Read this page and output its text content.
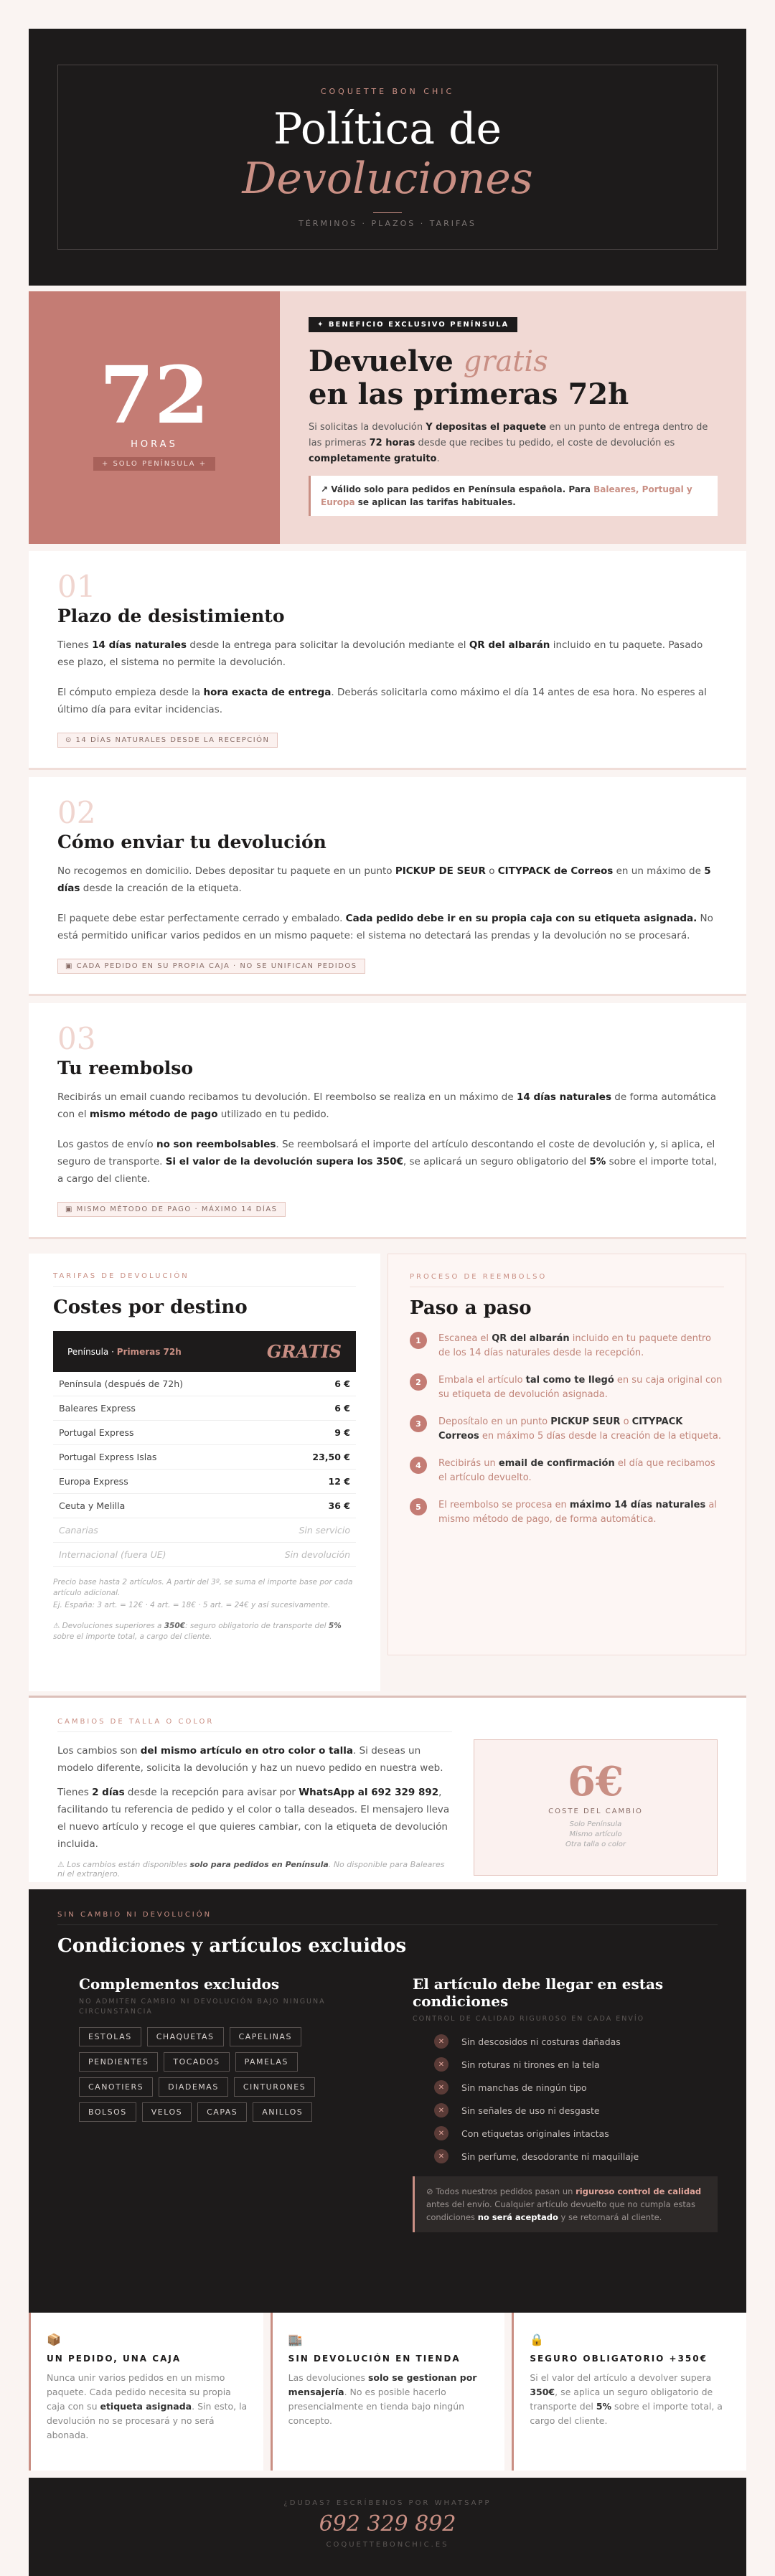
COQUETTE BON CHIC
Política de
Devoluciones
TÉRMINOS · PLAZOS · TARIFAS
72
HORAS
+ SOLO PENÍNSULA +
✦ BENEFICIO EXCLUSIVO PENÍNSULA
Devuelve gratis
en las primeras 72h

Si solicitas la devolución Y depositas el paquete en un punto de entrega dentro de las primeras 72 horas desde que recibes tu pedido, el coste de devolución es completamente gratuito.

↗ Válido solo para pedidos en Península española. Para Baleares, Portugal y Europa se aplican las tarifas habituales.
01
Plazo de desistimiento

Tienes 14 días naturales desde la entrega para solicitar la devolución mediante el QR del albarán incluido en tu paquete. Pasado ese plazo, el sistema no permite la devolución.

El cómputo empieza desde la hora exacta de entrega. Deberás solicitarla como máximo el día 14 antes de esa hora. No esperes al último día para evitar incidencias.

⊙ 14 DÍAS NATURALES DESDE LA RECEPCIÓN
02
Cómo enviar tu devolución

No recogemos en domicilio. Debes depositar tu paquete en un punto PICKUP DE SEUR o CITYPACK de Correos en un máximo de 5 días desde la creación de la etiqueta.

El paquete debe estar perfectamente cerrado y embalado. Cada pedido debe ir en su propia caja con su etiqueta asignada. No está permitido unificar varios pedidos en un mismo paquete: el sistema no detectará las prendas y la devolución no se procesará.

▣ CADA PEDIDO EN SU PROPIA CAJA · NO SE UNIFICAN PEDIDOS
03
Tu reembolso

Recibirás un email cuando recibamos tu devolución. El reembolso se realiza en un máximo de 14 días naturales de forma automática con el mismo método de pago utilizado en tu pedido.

Los gastos de envío no son reembolsables. Se reembolsará el importe del artículo descontando el coste de devolución y, si aplica, el seguro de transporte. Si el valor de la devolución supera los 350€, se aplicará un seguro obligatorio del 5% sobre el importe total, a cargo del cliente.

▣ MISMO MÉTODO DE PAGO · MÁXIMO 14 DÍAS
TARIFAS DE DEVOLUCIÓN
Costes por destino
Península · Primeras 72h	GRATIS
Península (después de 72h)	6 €
Baleares Express	6 €
Portugal Express	9 €
Portugal Express Islas	23,50 €
Europa Express	12 €
Ceuta y Melilla	36 €
Canarias	Sin servicio
Internacional (fuera UE)	Sin devolución
Precio base hasta 2 artículos. A partir del 3º, se suma el importe base por cada artículo adicional.
Ej. España: 3 art. = 12€ · 4 art. = 18€ · 5 art. = 24€ y así sucesivamente.
⚠ Devoluciones superiores a 350€: seguro obligatorio de transporte del 5% sobre el importe total, a cargo del cliente.
PROCESO DE REEMBOLSO
Paso a paso
1	Escanea el QR del albarán incluido en tu paquete dentro de los 14 días naturales desde la recepción.

2	Embala el artículo tal como te llegó en su caja original con su etiqueta de devolución asignada.

3	Deposítalo en un punto PICKUP SEUR o CITYPACK Correos en máximo 5 días desde la creación de la etiqueta.

4	Recibirás un email de confirmación el día que recibamos el artículo devuelto.

5	El reembolso se procesa en máximo 14 días naturales al mismo método de pago, de forma automática.

CAMBIOS DE TALLA O COLOR

Los cambios son del mismo artículo en otro color o talla. Si deseas un modelo diferente, solicita la devolución y haz un nuevo pedido en nuestra web.

Tienes 2 días desde la recepción para avisar por WhatsApp al 692 329 892, facilitando tu referencia de pedido y el color o talla deseados. El mensajero lleva el nuevo artículo y recoge el que quieres cambiar, con la etiqueta de devolución incluida.

⚠ Los cambios están disponibles solo para pedidos en Península. No disponible para Baleares ni el extranjero.
6€
COSTE DEL CAMBIO
Solo Península
Mismo artículo
Otra talla o color
SIN CAMBIO NI DEVOLUCIÓN
Condiciones y artículos excluidos
Complementos excluidos
NO ADMITEN CAMBIO NI DEVOLUCIÓN BAJO NINGUNA CIRCUNSTANCIA
ESTOLAS	CHAQUETAS	CAPELINAS
PENDIENTES	TOCADOS	PAMELAS
CANOTIERS	DIADEMAS	CINTURONES
BOLSOS	VELOS	CAPAS	ANILLOS
El artículo debe llegar en estas condiciones
CONTROL DE CALIDAD RIGUROSO EN CADA ENVÍO
✕	Sin descosidos ni costuras dañadas
✕	Sin roturas ni tirones en la tela
✕	Sin manchas de ningún tipo
✕	Sin señales de uso ni desgaste
✕	Con etiquetas originales intactas
✕	Sin perfume, desodorante ni maquillaje
⊘ Todos nuestros pedidos pasan un riguroso control de calidad antes del envío. Cualquier artículo devuelto que no cumpla estas condiciones no será aceptado y se retornará al cliente.
📦
UN PEDIDO, UNA CAJA

Nunca unir varios pedidos en un mismo paquete. Cada pedido necesita su propia caja con su etiqueta asignada. Sin esto, la devolución no se procesará y no será abonada.

🏬
SIN DEVOLUCIÓN EN TIENDA

Las devoluciones solo se gestionan por mensajería. No es posible hacerlo presencialmente en tienda bajo ningún concepto.

🔒
SEGURO OBLIGATORIO +350€

Si el valor del artículo a devolver supera 350€, se aplica un seguro obligatorio de transporte del 5% sobre el importe total, a cargo del cliente.

¿DUDAS? ESCRÍBENOS POR WHATSAPP
692 329 892
COQUETTEBONCHIC.ES
